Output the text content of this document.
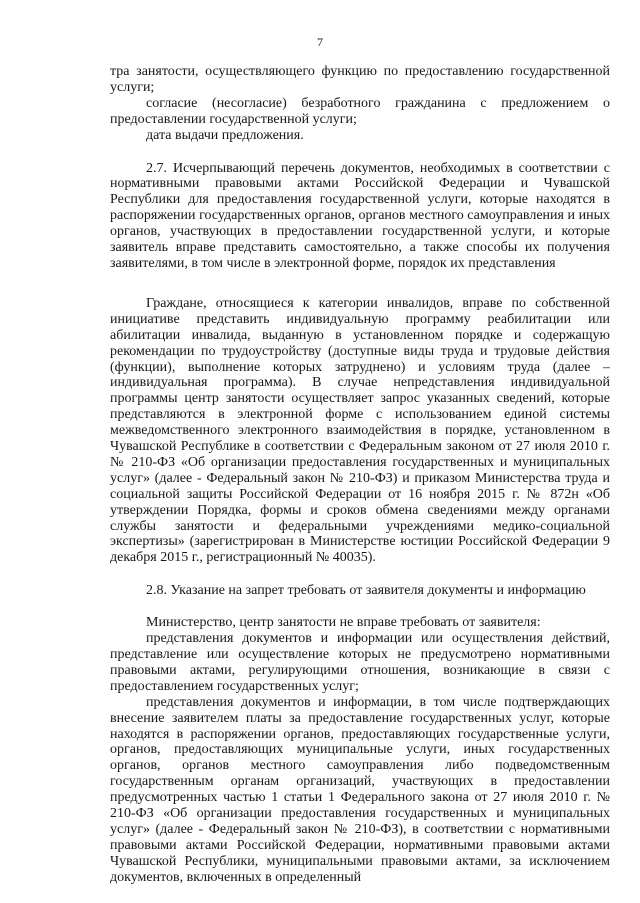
7

тра занятости, осуществляющего функцию по предоставлению государственной услуги;

согласие (несогласие) безработного гражданина с предложением о предоставлении государственной услуги;

дата выдачи предложения.

2.7. Исчерпывающий перечень документов, необходимых в соответствии с нормативными правовыми актами Российской Федерации и Чувашской Республики для предоставления государственной услуги, которые находятся в распоряжении государственных органов, органов местного самоуправления и иных органов, участвующих в предоставлении государственной услуги, и которые заявитель вправе представить самостоятельно, а также способы их получения заявителями, в том числе в электронной форме, порядок их представления

Граждане, относящиеся к категории инвалидов, вправе по собственной инициативе представить индивидуальную программу реабилитации или абилитации инвалида, выданную в установленном порядке и содержащую рекомендации по трудоустройству (доступные виды труда и трудовые действия (функции), выполнение которых затруднено) и условиям труда (далее – индивидуальная программа). В случае непредставления индивидуальной программы центр занятости осуществляет запрос указанных сведений, которые представляются в электронной форме с использованием единой системы межведомственного электронного взаимодействия в порядке, установленном в Чувашской Республике в соответствии с Федеральным законом от 27 июля 2010 г. № 210-ФЗ «Об организации предоставления государственных и муниципальных услуг» (далее - Федеральный закон № 210-ФЗ) и приказом Министерства труда и социальной защиты Российской Федерации от 16 ноября 2015 г. № 872н «Об утверждении Порядка, формы и сроков обмена сведениями между органами службы занятости и федеральными учреждениями медико-социальной экспертизы» (зарегистрирован в Министерстве юстиции Российской Федерации 9 декабря 2015 г., регистрационный № 40035).

2.8. Указание на запрет требовать от заявителя документы и информацию

Министерство, центр занятости не вправе требовать от заявителя:

представления документов и информации или осуществления действий, представление или осуществление которых не предусмотрено нормативными правовыми актами, регулирующими отношения, возникающие в связи с предоставлением государственных услуг;

представления документов и информации, в том числе подтверждающих внесение заявителем платы за предоставление государственных услуг, которые находятся в распоряжении органов, предоставляющих государственные услуги, органов, предоставляющих муниципальные услуги, иных государственных органов, органов местного самоуправления либо подведомственным государственным органам организаций, участвующих в предоставлении предусмотренных частью 1 статьи 1 Федерального закона от 27 июля 2010 г. № 210-ФЗ «Об организации предоставления государственных и муниципальных услуг» (далее - Федеральный закон № 210-ФЗ), в соответствии с нормативными правовыми актами Российской Федерации, нормативными правовыми актами Чувашской Республики, муниципальными правовыми актами, за исключением документов, включенных в определенный
